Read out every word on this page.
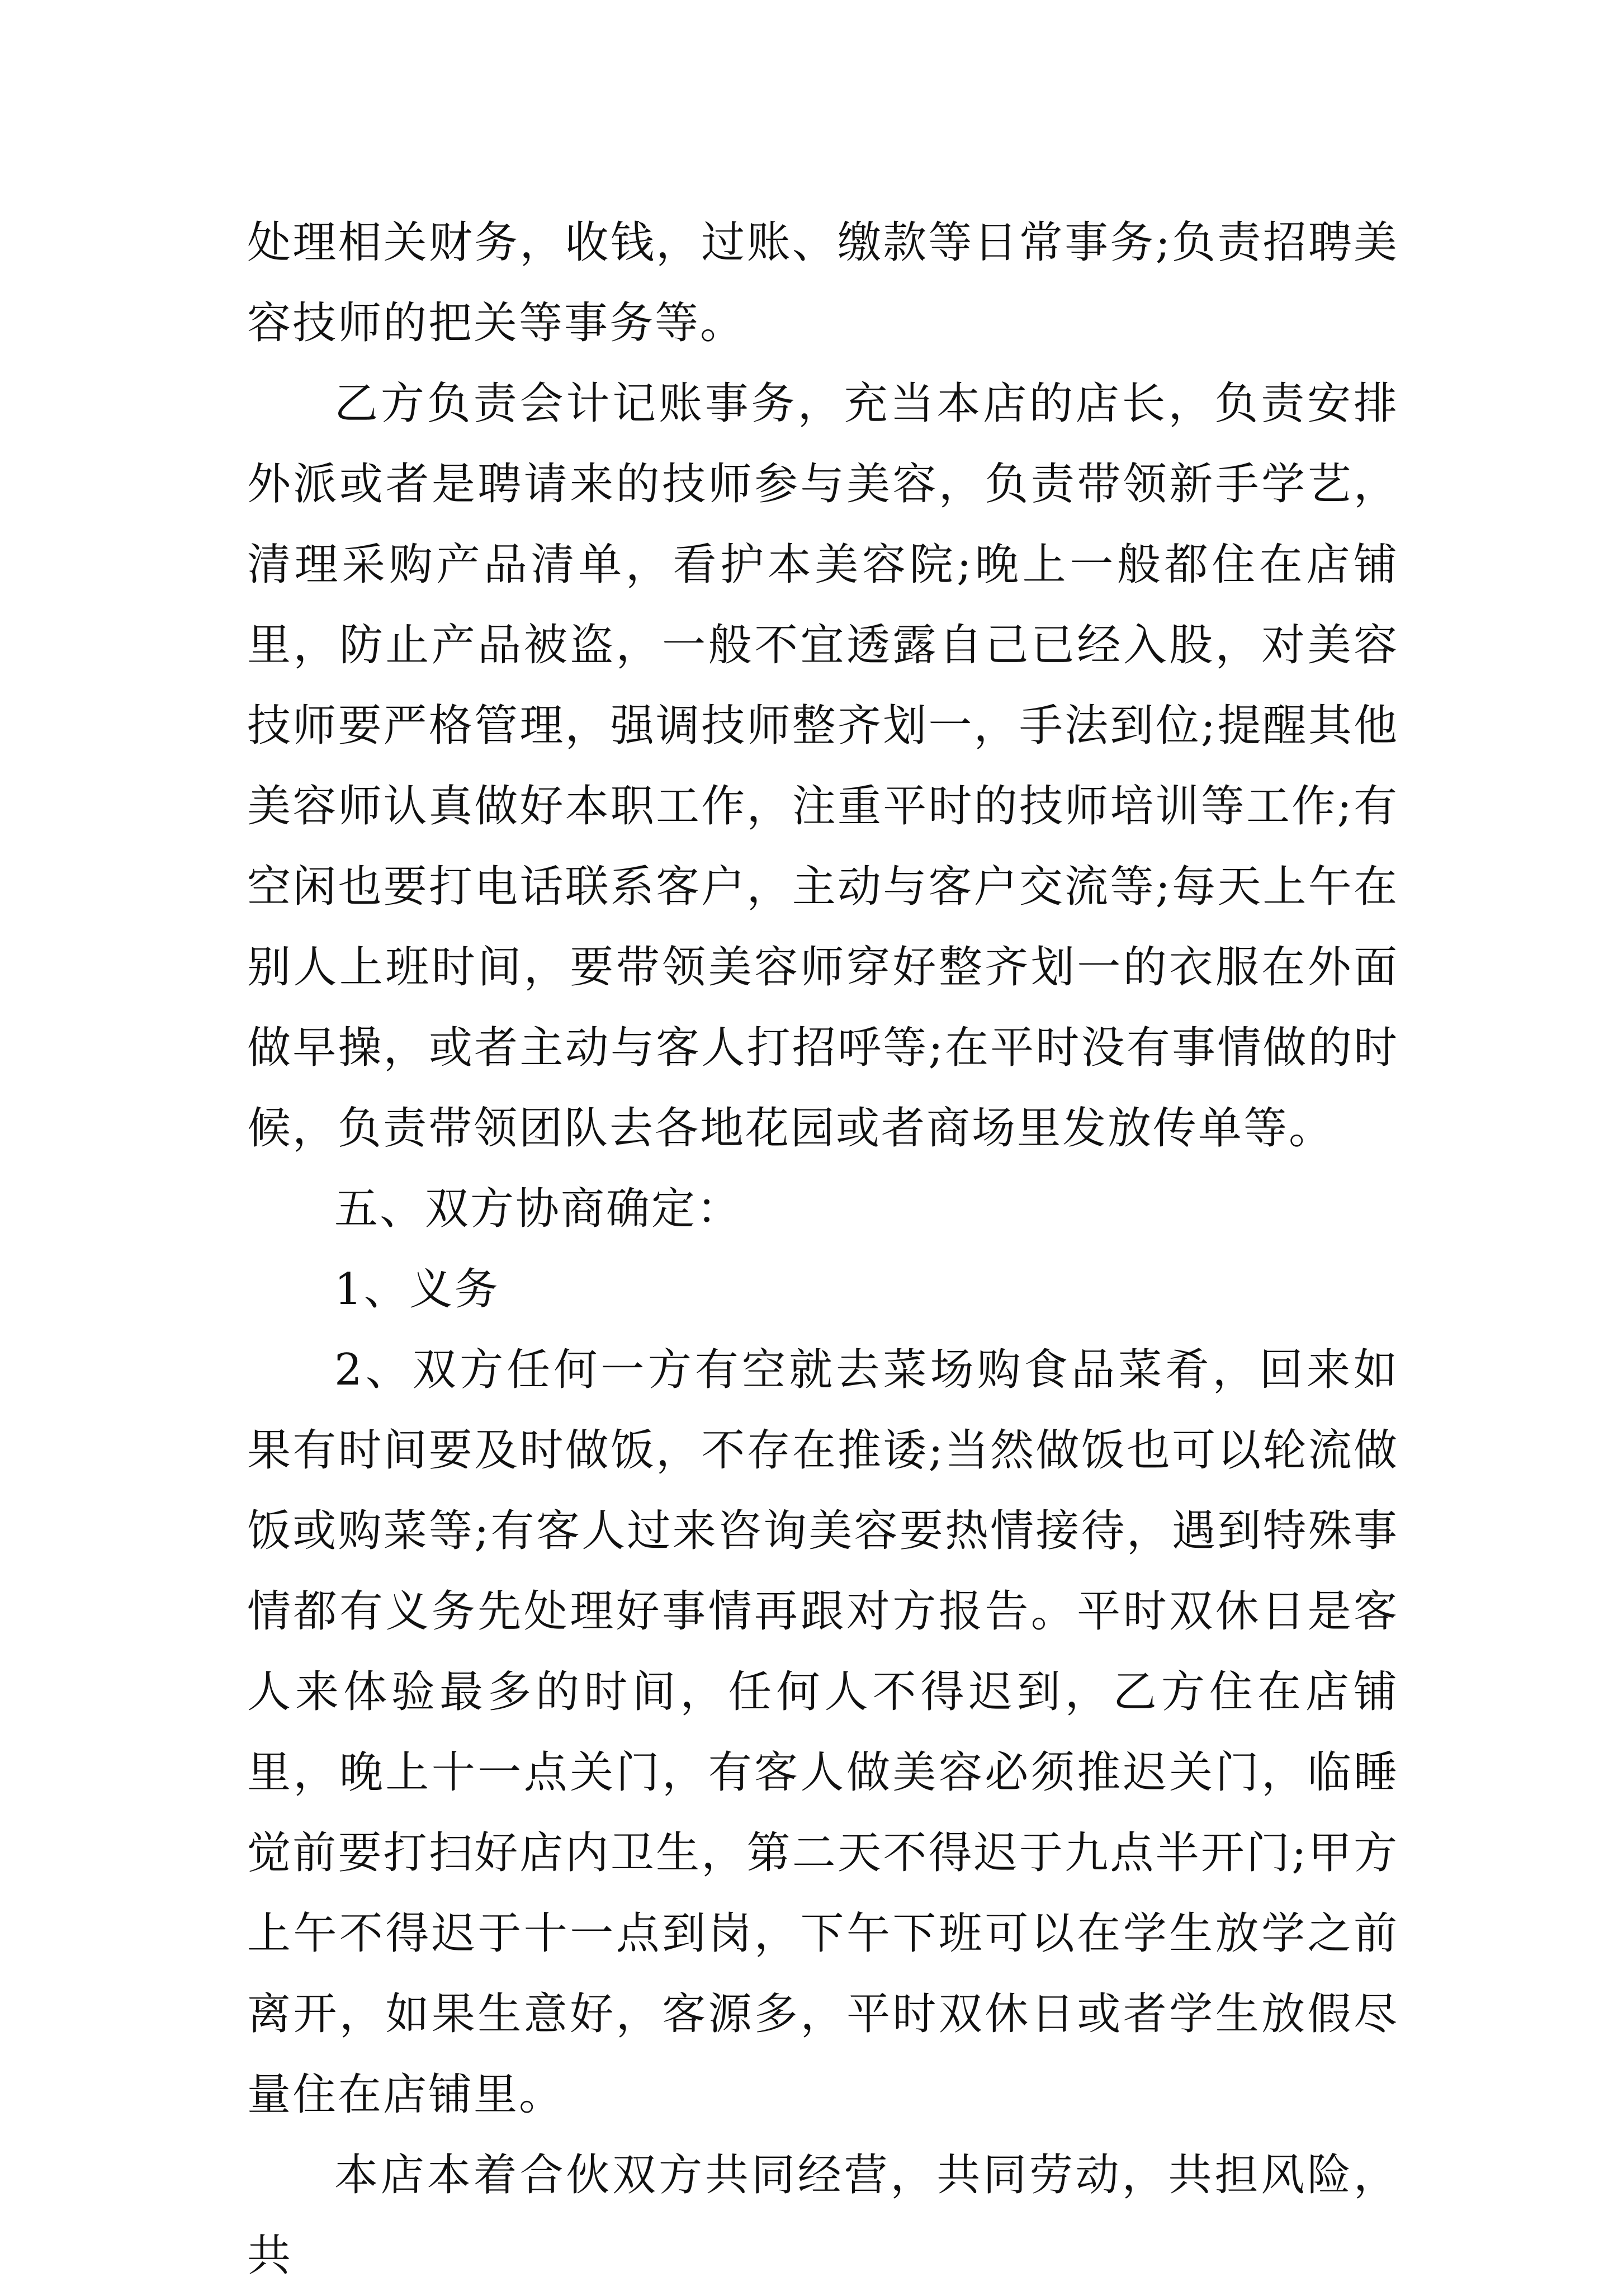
处理相关财务，收钱，过账、缴款等日常事务;负责招聘美容技师的把关等事务等。

乙方负责会计记账事务，充当本店的店长，负责安排外派或者是聘请来的技师参与美容，负责带领新手学艺，清理采购产品清单，看护本美容院;晚上一般都住在店铺里，防止产品被盗，一般不宜透露自己已经入股，对美容技师要严格管理，强调技师整齐划一，手法到位;提醒其他美容师认真做好本职工作，注重平时的技师培训等工作;有空闲也要打电话联系客户，主动与客户交流等;每天上午在别人上班时间，要带领美容师穿好整齐划一的衣服在外面做早操，或者主动与客人打招呼等;在平时没有事情做的时候，负责带领团队去各地花园或者商场里发放传单等。

五、双方协商确定：

1、义务

2、双方任何一方有空就去菜场购食品菜肴，回来如果有时间要及时做饭，不存在推诿;当然做饭也可以轮流做饭或购菜等;有客人过来咨询美容要热情接待，遇到特殊事情都有义务先处理好事情再跟对方报告。平时双休日是客人来体验最多的时间，任何人不得迟到，乙方住在店铺里，晚上十一点关门，有客人做美容必须推迟关门，临睡觉前要打扫好店内卫生，第二天不得迟于九点半开门;甲方上午不得迟于十一点到岗，下午下班可以在学生放学之前离开，如果生意好，客源多，平时双休日或者学生放假尽量住在店铺里。

本店本着合伙双方共同经营，共同劳动，共担风险，共
